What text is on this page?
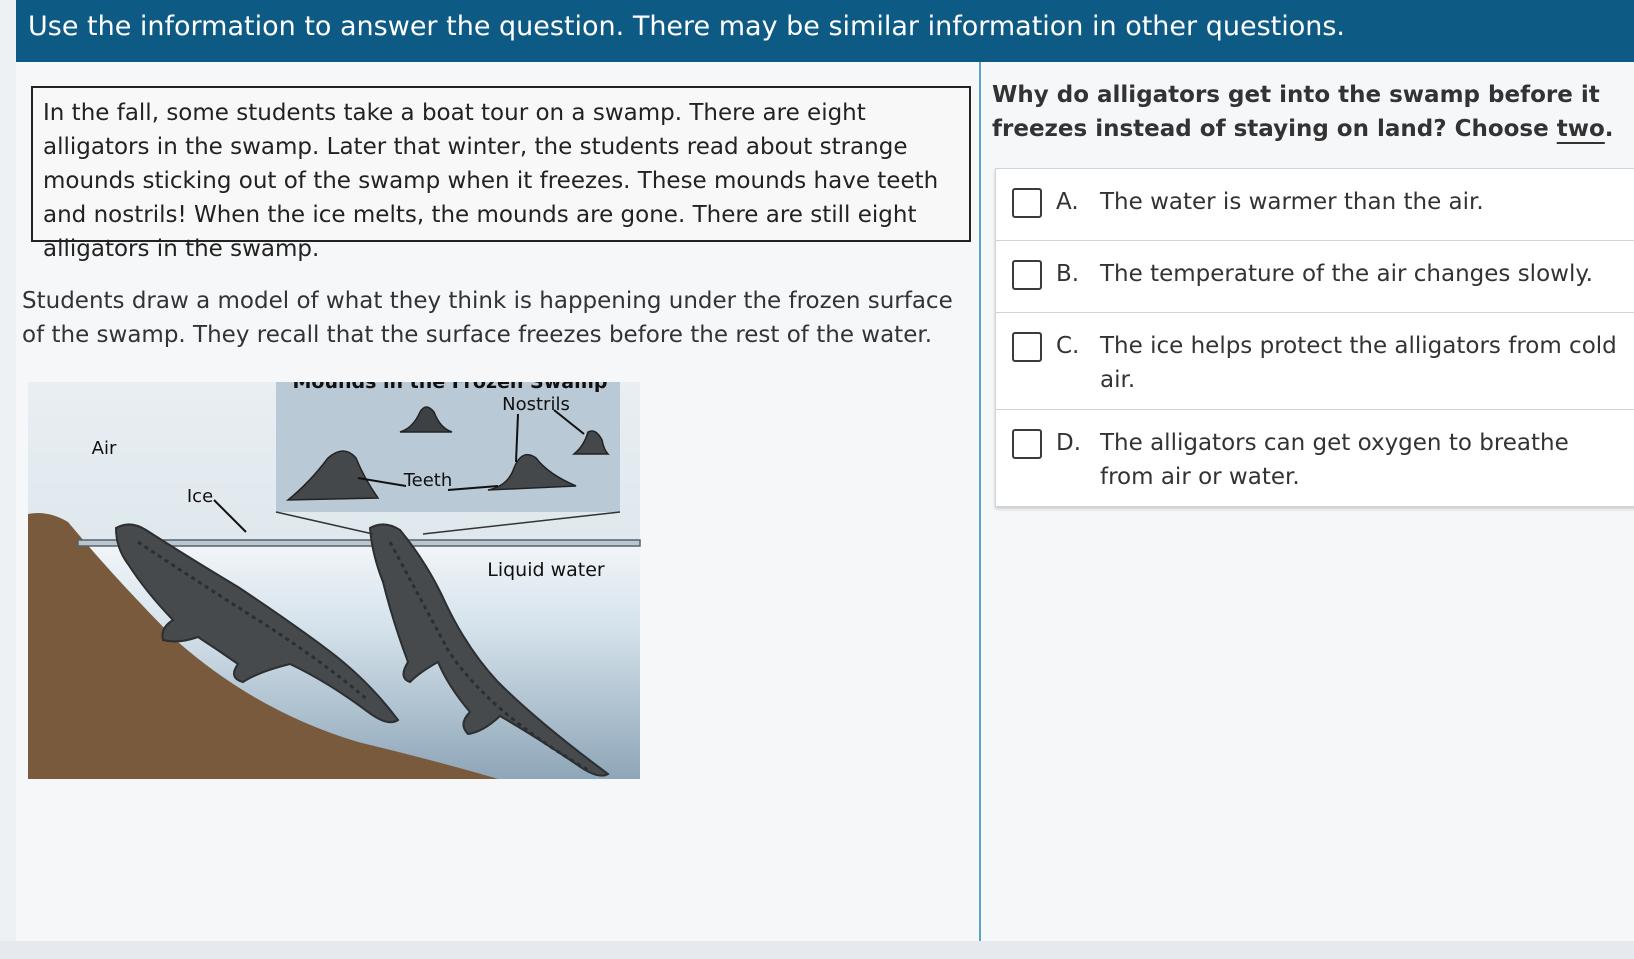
Use the information to answer the question. There may be similar information in other questions.
In the fall, some students take a boat tour on a swamp. There are eight alligators in the swamp. Later that winter, the students read about strange mounds sticking out of the swamp when it freezes. These mounds have teeth and nostrils! When the ice melts, the mounds are gone. There are still eight alligators in the swamp.
Students draw a model of what they think is happening under the frozen surface of the swamp. They recall that the surface freezes before the rest of the water.
Mounds in the Frozen Swamp
Nostrils
Teeth
Air
Ice
Liquid water
Why do alligators get into the swamp before it freezes instead of staying on land? Choose two.
A. The water is warmer than the air.
B. The temperature of the air changes slowly.
C. The ice helps protect the alligators from cold air.
D. The alligators can get oxygen to breathe from air or water.
